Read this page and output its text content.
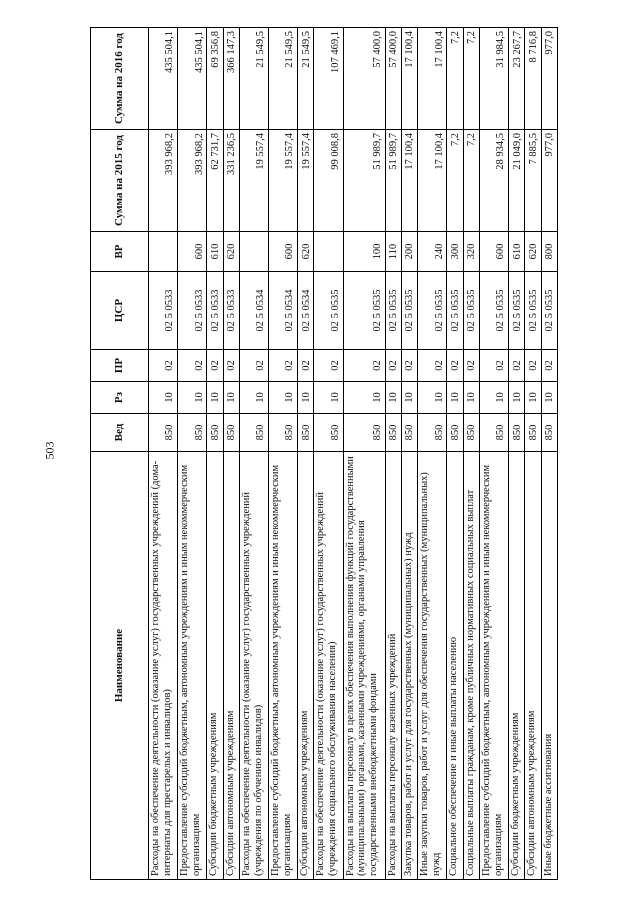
503
Наименование	Вед	Рз	ПР	ЦСР	ВР	Сумма на 2015 год	Сумма на 2016 год
Расходы на обеспечение деятельности (оказание услуг) государственных учреждений (дома-интернаты для престарелых и инвалидов)	850	10	02	02 5 0533		393 968,2	435 504,1
Предоставление субсидий бюджетным, автономным учреждениям и иным некоммерческим организациям	850	10	02	02 5 0533	600	393 968,2	435 504,1
Субсидии бюджетным учреждениям	850	10	02	02 5 0533	610	62 731,7	69 356,8
Субсидии автономным учреждениям	850	10	02	02 5 0533	620	331 236,5	366 147,3
Расходы на обеспечение деятельности (оказание услуг) государственных учреждений (учреждения по обучению инвалидов)	850	10	02	02 5 0534		19 557,4	21 549,5
Предоставление субсидий бюджетным, автономным учреждениям и иным некоммерческим организациям	850	10	02	02 5 0534	600	19 557,4	21 549,5
Субсидии автономным учреждениям	850	10	02	02 5 0534	620	19 557,4	21 549,5
Расходы на обеспечение деятельности (оказание услуг) государственных учреждений (учреждения социального обслуживания населения)	850	10	02	02 5 0535		99 008,8	107 469,1
Расходы на выплаты персоналу в целях обеспечения выполнения функций государственными (муниципальными) органами, казенными учреждениями, органами управления государственными внебюджетными фондами	850	10	02	02 5 0535	100	51 989,7	57 400,0
Расходы на выплаты персоналу казенных учреждений	850	10	02	02 5 0535	110	51 989,7	57 400,0
Закупка товаров, работ и услуг для государственных (муниципальных) нужд	850	10	02	02 5 0535	200	17 100,4	17 100,4
Иные закупки товаров, работ и услуг для обеспечения государственных (муниципальных) нужд	850	10	02	02 5 0535	240	17 100,4	17 100,4
Социальное обеспечение и иные выплаты населению	850	10	02	02 5 0535	300	7,2	7,2
Социальные выплаты гражданам, кроме публичных нормативных социальных выплат	850	10	02	02 5 0535	320	7,2	7,2
Предоставление субсидий бюджетным, автономным учреждениям и иным некоммерческим организациям	850	10	02	02 5 0535	600	28 934,5	31 984,5
Субсидии бюджетным учреждениям	850	10	02	02 5 0535	610	21 049,0	23 267,7
Субсидии автономным учреждениям	850	10	02	02 5 0535	620	7 885,5	8 716,8
Иные бюджетные ассигнования	850	10	02	02 5 0535	800	977,0	977,0
